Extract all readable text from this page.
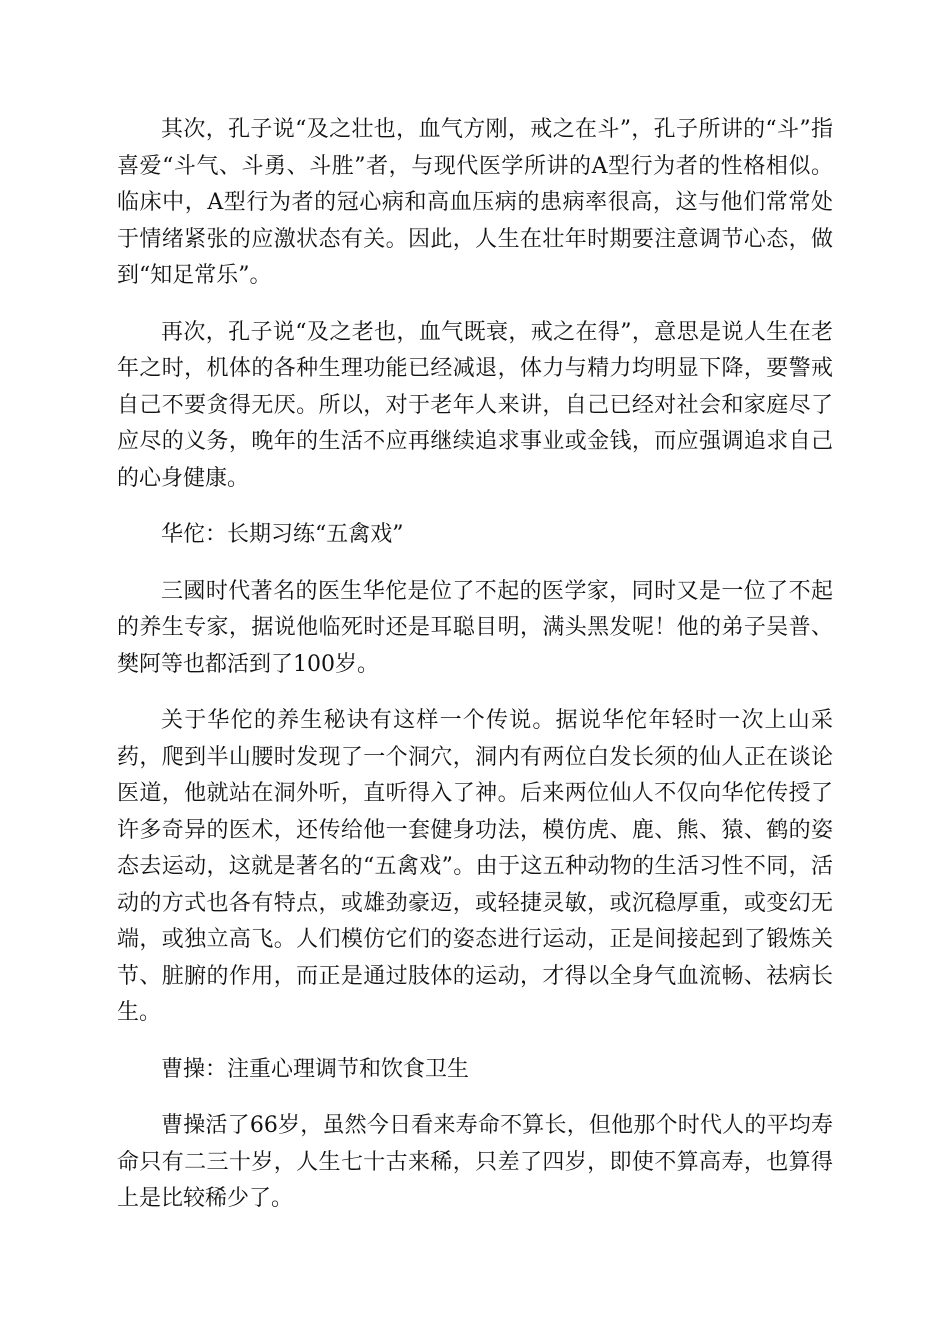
其次，孔子说“及之壮也，血气方刚，戒之在斗”，孔子所讲的“斗”指喜爱“斗气、斗勇、斗胜”者，与现代医学所讲的A型行为者的性格相似。临床中，A型行为者的冠心病和高血压病的患病率很高，这与他们常常处于情绪紧张的应激状态有关。因此，人生在壮年时期要注意调节心态，做到“知足常乐”。

再次，孔子说“及之老也，血气既衰，戒之在得”，意思是说人生在老年之时，机体的各种生理功能已经减退，体力与精力均明显下降，要警戒自己不要贪得无厌。所以，对于老年人来讲，自己已经对社会和家庭尽了应尽的义务，晚年的生活不应再继续追求事业或金钱，而应强调追求自己的心身健康。

华佗：长期习练“五禽戏”

三國时代著名的医生华佗是位了不起的医学家，同时又是一位了不起的养生专家，据说他临死时还是耳聪目明，满头黑发呢！他的弟子吴普、樊阿等也都活到了100岁。

关于华佗的养生秘诀有这样一个传说。据说华佗年轻时一次上山采药，爬到半山腰时发现了一个洞穴，洞内有两位白发长须的仙人正在谈论医道，他就站在洞外听，直听得入了神。后来两位仙人不仅向华佗传授了许多奇异的医术，还传给他一套健身功法，模仿虎、鹿、熊、猿、鹤的姿态去运动，这就是著名的“五禽戏”。由于这五种动物的生活习性不同，活动的方式也各有特点，或雄劲豪迈，或轻捷灵敏，或沉稳厚重，或变幻无端，或独立高飞。人们模仿它们的姿态进行运动，正是间接起到了锻炼关节、脏腑的作用，而正是通过肢体的运动，才得以全身气血流畅、祛病长生。

曹操：注重心理调节和饮食卫生

曹操活了66岁，虽然今日看来寿命不算长，但他那个时代人的平均寿命只有二三十岁，人生七十古来稀，只差了四岁，即使不算高寿，也算得上是比较稀少了。
